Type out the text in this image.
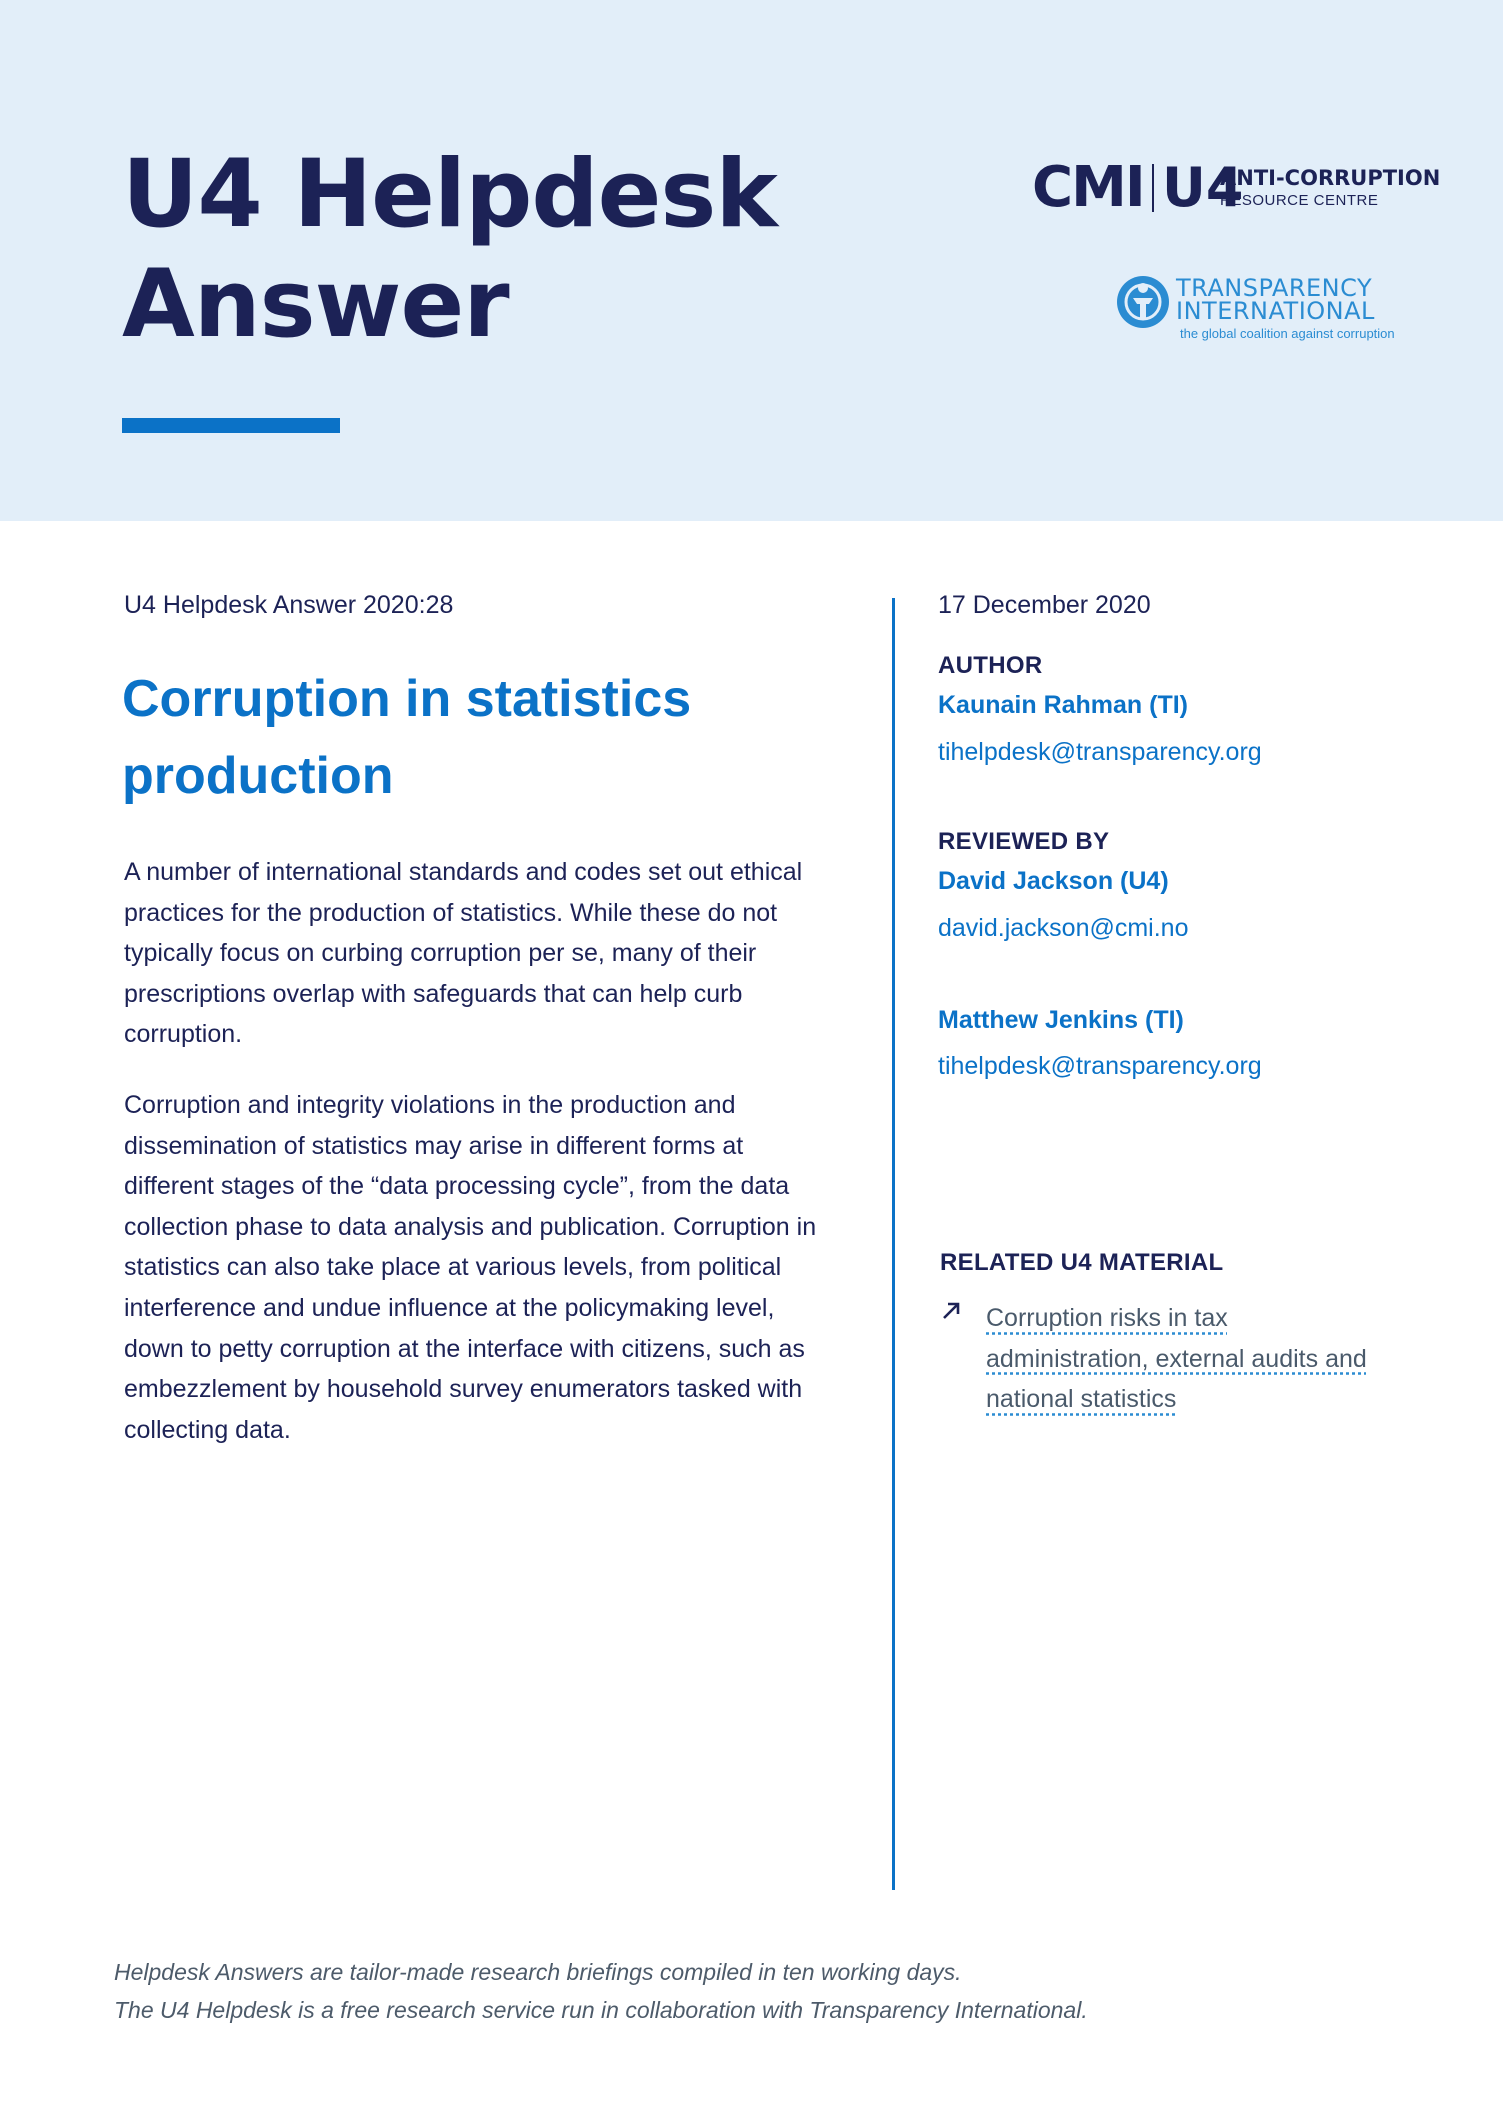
U4 Helpdesk
Answer
CMI U4
ANTI-CORRUPTION
RESOURCE CENTRE
TRANSPARENCY
INTERNATIONAL
the global coalition against corruption
U4 Helpdesk Answer 2020:28
Corruption in statistics production

A number of international standards and codes set out ethical practices for the production of statistics. While these do not typically focus on curbing corruption per se, many of their prescriptions overlap with safeguards that can help curb corruption.

Corruption and integrity violations in the production and dissemination of statistics may arise in different forms at different stages of the “data processing cycle”, from the data collection phase to data analysis and publication. Corruption in statistics can also take place at various levels, from political interference and undue influence at the policymaking level, down to petty corruption at the interface with citizens, such as embezzlement by household survey enumerators tasked with collecting data.

17 December 2020
AUTHOR
Kaunain Rahman (TI)
tihelpdesk@transparency.org
REVIEWED BY
David Jackson (U4)
david.jackson@cmi.no
Matthew Jenkins (TI)
tihelpdesk@transparency.org
RELATED U4 MATERIAL
Corruption risks in tax administration, external audits and national statistics

Helpdesk Answers are tailor-made research briefings compiled in ten working days.
The U4 Helpdesk is a free research service run in collaboration with Transparency International.
